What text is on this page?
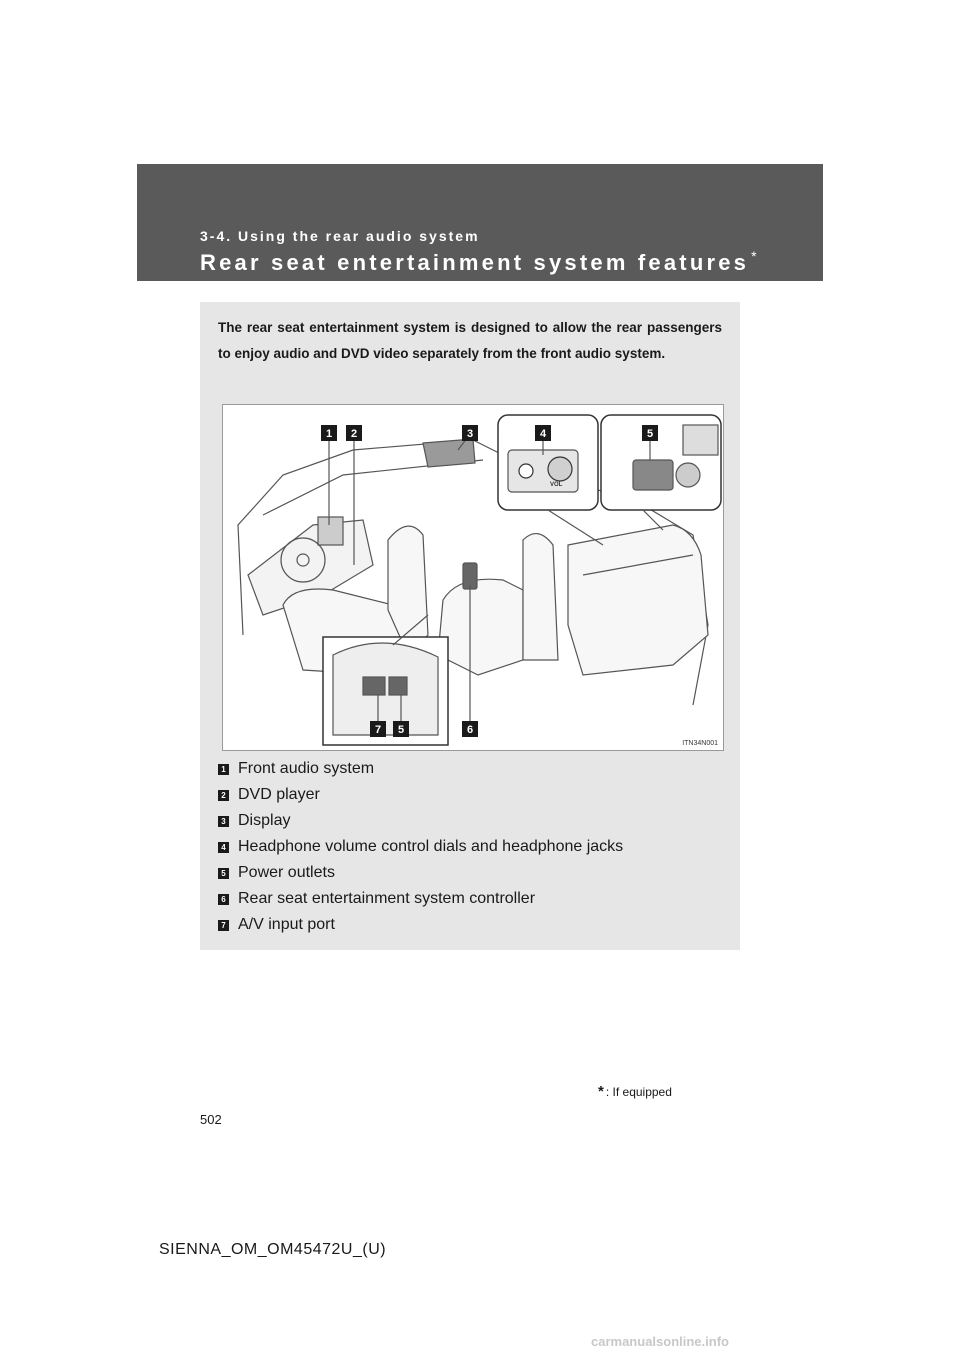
3-4. Using the rear audio system
Rear seat entertainment system features *
The rear seat entertainment system is designed to allow the rear passengers to enjoy audio and DVD video separately from the front audio system.
1 2	3	4	5
6
7 5
VOL
ITN34N001
1 Front audio system
2 DVD player
3 Display
4 Headphone volume control dials and headphone jacks
5 Power outlets
6 Rear seat entertainment system controller
7 A/V input port
* : If equipped
502
SIENNA_OM_OM45472U_(U)
carmanualsonline.info
